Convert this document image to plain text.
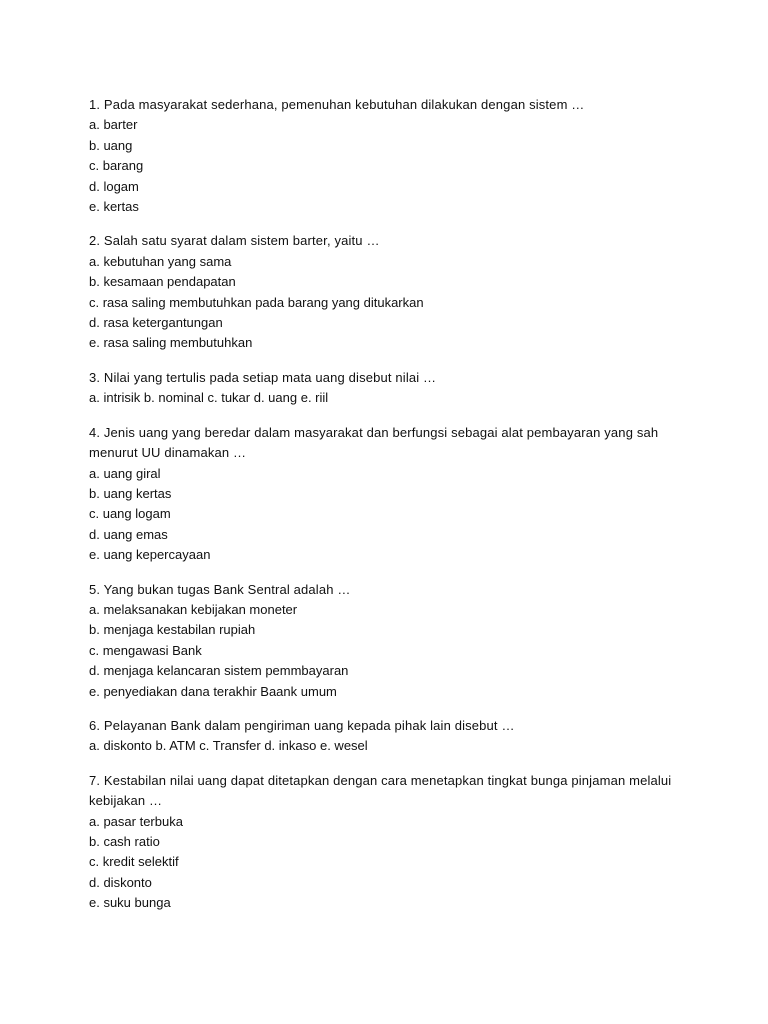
1. Pada masyarakat sederhana, pemenuhan kebutuhan dilakukan dengan sistem …
a. barter
b. uang
c. barang
d. logam
e. kertas
2. Salah satu syarat dalam sistem barter, yaitu …
a. kebutuhan yang sama
b. kesamaan pendapatan
c. rasa saling membutuhkan pada barang yang ditukarkan
d. rasa ketergantungan
e. rasa saling membutuhkan
3. Nilai yang tertulis pada setiap mata uang disebut nilai …
a. intrisik b. nominal c. tukar d. uang e. riil
4. Jenis uang yang beredar dalam masyarakat dan berfungsi sebagai alat pembayaran yang sah
menurut UU dinamakan …
a. uang giral
b. uang kertas
c. uang logam
d. uang emas
e. uang kepercayaan
5. Yang bukan tugas Bank Sentral adalah …
a. melaksanakan kebijakan moneter
b. menjaga kestabilan rupiah
c. mengawasi Bank
d. menjaga kelancaran sistem pemmbayaran
e. penyediakan dana terakhir Baank umum
6. Pelayanan Bank dalam pengiriman uang kepada pihak lain disebut …
a. diskonto b. ATM c. Transfer d. inkaso e. wesel
7. Kestabilan nilai uang dapat ditetapkan dengan cara menetapkan tingkat bunga pinjaman melalui
kebijakan …
a. pasar terbuka
b. cash ratio
c. kredit selektif
d. diskonto
e. suku bunga
